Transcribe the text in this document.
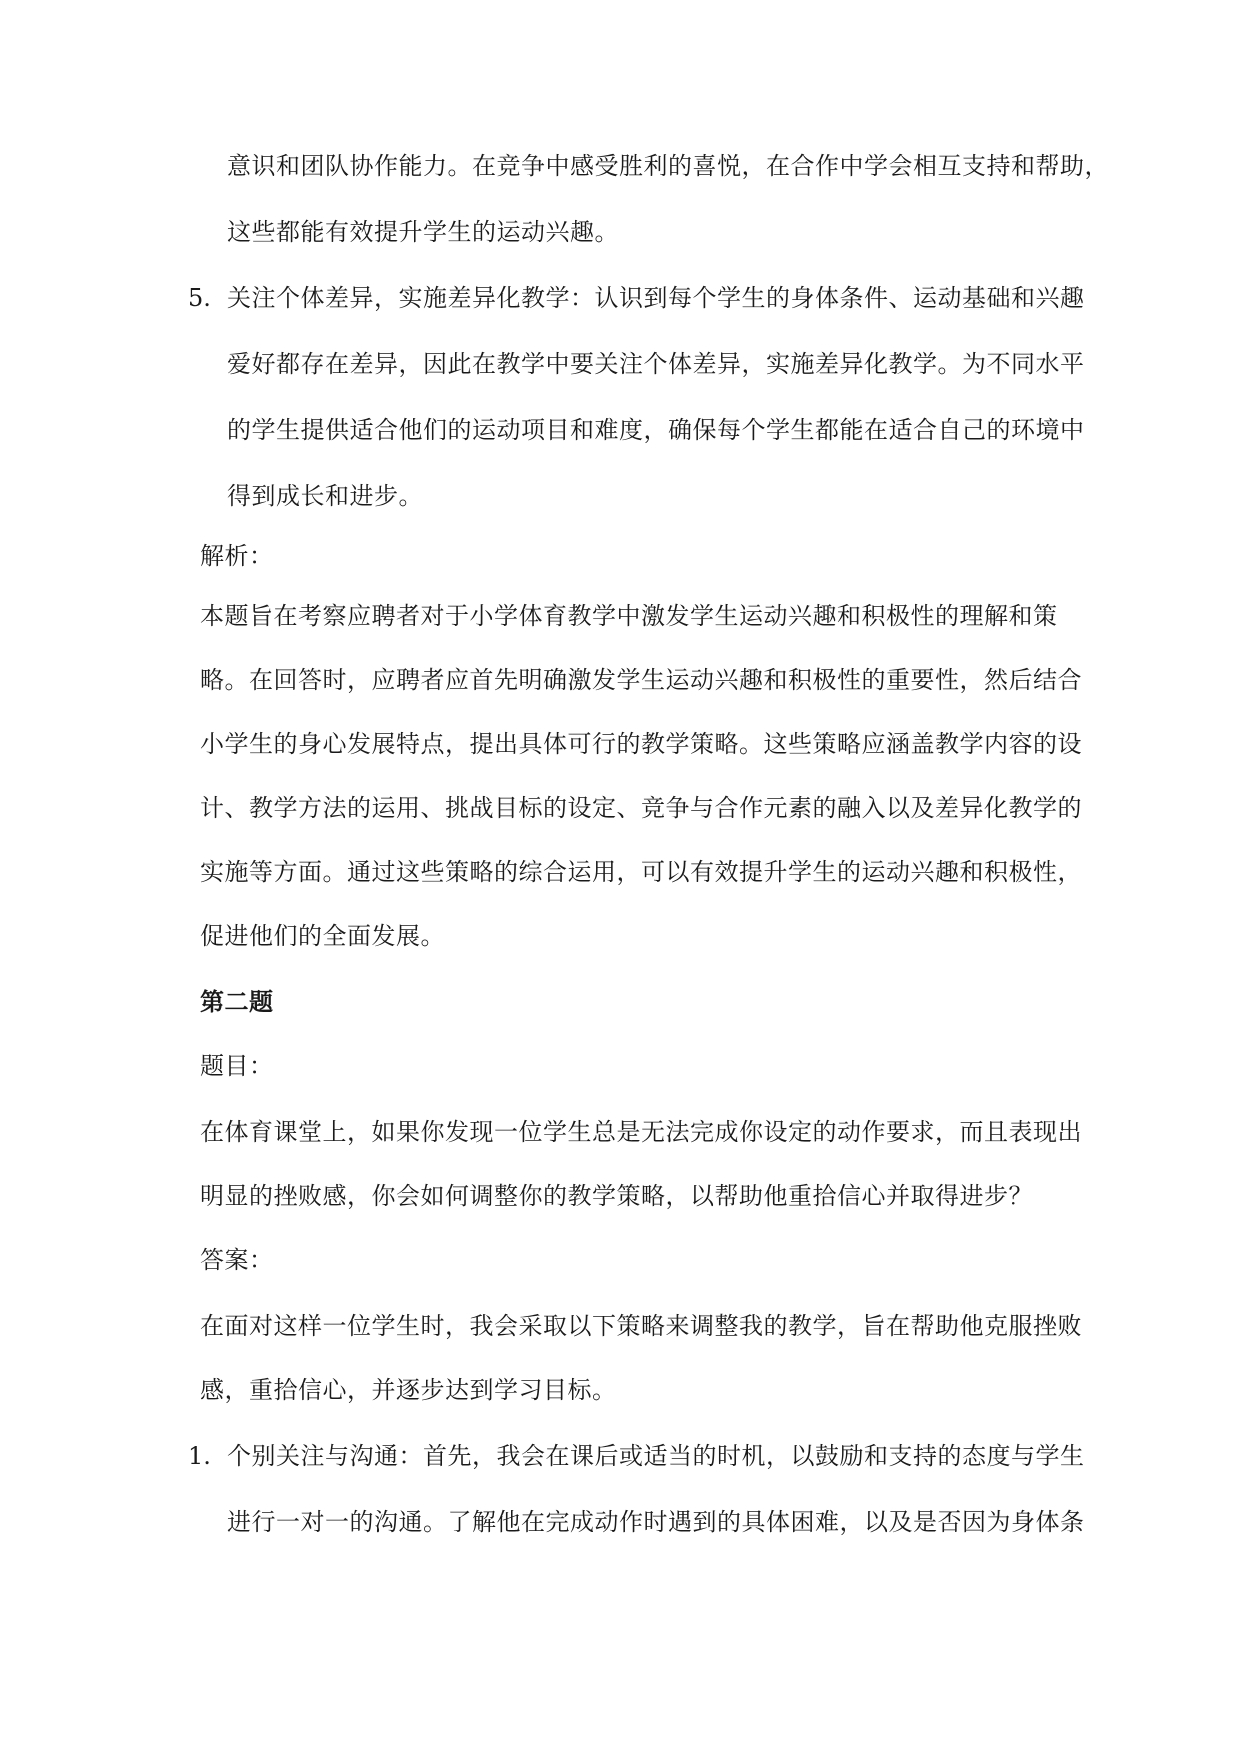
意识和团队协作能力。在竞争中感受胜利的喜悦，在合作中学会相互支持和帮助，
这些都能有效提升学生的运动兴趣。
5. 关注个体差异，实施差异化教学：认识到每个学生的身体条件、运动基础和兴趣
爱好都存在差异，因此在教学中要关注个体差异，实施差异化教学。为不同水平
的学生提供适合他们的运动项目和难度，确保每个学生都能在适合自己的环境中
得到成长和进步。
解析：
本题旨在考察应聘者对于小学体育教学中激发学生运动兴趣和积极性的理解和策
略。在回答时，应聘者应首先明确激发学生运动兴趣和积极性的重要性，然后结合
小学生的身心发展特点，提出具体可行的教学策略。这些策略应涵盖教学内容的设
计、教学方法的运用、挑战目标的设定、竞争与合作元素的融入以及差异化教学的
实施等方面。通过这些策略的综合运用，可以有效提升学生的运动兴趣和积极性，
促进他们的全面发展。
第二题
题目：
在体育课堂上，如果你发现一位学生总是无法完成你设定的动作要求，而且表现出
明显的挫败感，你会如何调整你的教学策略，以帮助他重拾信心并取得进步？
答案：
在面对这样一位学生时，我会采取以下策略来调整我的教学，旨在帮助他克服挫败
感，重拾信心，并逐步达到学习目标。
1. 个别关注与沟通：首先，我会在课后或适当的时机，以鼓励和支持的态度与学生
进行一对一的沟通。了解他在完成动作时遇到的具体困难，以及是否因为身体条
